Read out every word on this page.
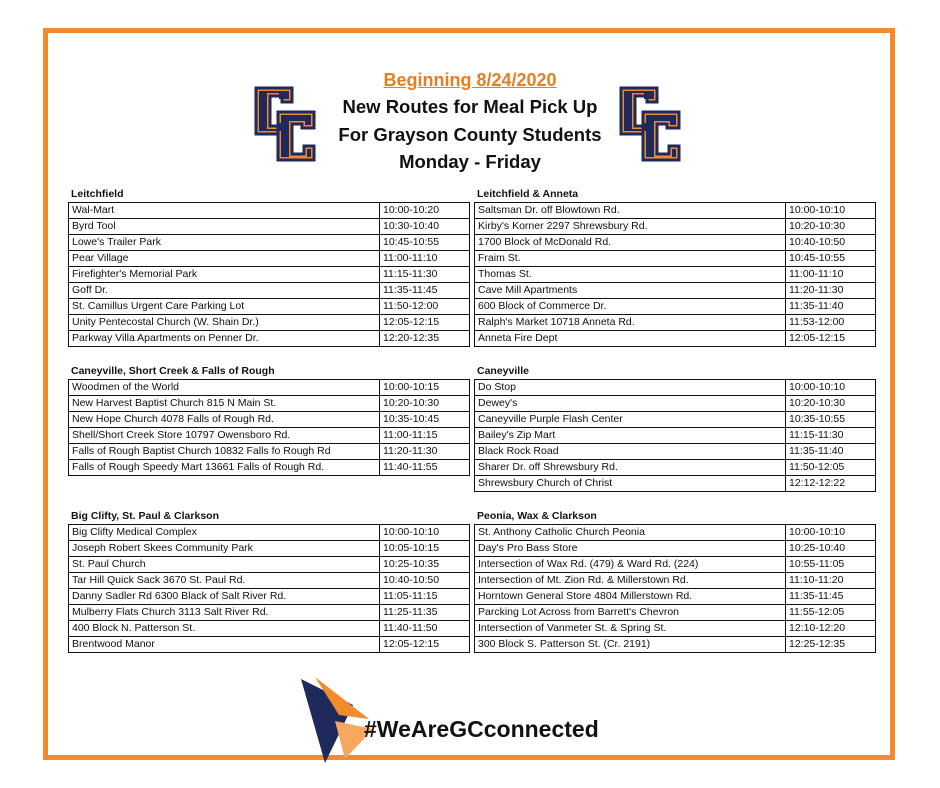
Beginning 8/24/2020
New Routes for Meal Pick Up
For Grayson County Students
Monday - Friday
Leitchfield	Leitchfield & Anneta
Caneyville, Short Creek & Falls of Rough	Caneyville
Big Clifty, St. Paul & Clarkson	Peonia, Wax & Clarkson
Wal-Mart	10:00-10:20
Byrd Tool	10:30-10:40
Lowe's Trailer Park	10:45-10:55
Pear Village	11:00-11:10
Firefighter's Memorial Park	11:15-11:30
Goff Dr.	11:35-11:45
St. Camillus Urgent Care Parking Lot	11:50-12:00
Unity Pentecostal Church (W. Shain Dr.)	12:05-12:15
Parkway Villa Apartments on Penner Dr.	12:20-12:35
Saltsman Dr. off Blowtown Rd.	10:00-10:10
Kirby's Korner 2297 Shrewsbury Rd.	10:20-10:30
1700 Block of McDonald Rd.	10:40-10:50
Fraim St.	10:45-10:55
Thomas St.	11:00-11:10
Cave Mill Apartments	11:20-11:30
600 Block of Commerce Dr.	11:35-11:40
Ralph's Market 10718 Anneta Rd.	11:53-12:00
Anneta Fire Dept	12:05-12:15
Woodmen of the World	10:00-10:15
New Harvest Baptist Church 815 N Main St.	10:20-10:30
New Hope Church 4078 Falls of Rough Rd.	10:35-10:45
Shell/Short Creek Store 10797 Owensboro Rd.	11:00-11:15
Falls of Rough Baptist Church 10832 Falls fo Rough Rd	11:20-11:30
Falls of Rough Speedy Mart 13661 Falls of Rough Rd.	11:40-11:55
Do Stop	10:00-10:10
Dewey's	10:20-10:30
Caneyville Purple Flash Center	10:35-10:55
Bailey's Zip Mart	11:15-11:30
Black Rock Road	11:35-11:40
Sharer Dr. off Shrewsbury Rd.	11:50-12:05
Shrewsbury Church of Christ	12:12-12:22
Big Clifty Medical Complex	10:00-10:10
Joseph Robert Skees Community Park	10:05-10:15
St. Paul Church	10:25-10:35
Tar Hill Quick Sack 3670 St. Paul Rd.	10:40-10:50
Danny Sadler Rd 6300 Black of Salt River Rd.	11:05-11:15
Mulberry Flats Church 3113 Salt River Rd.	11:25-11:35
400 Block N. Patterson St.	11:40-11:50
Brentwood Manor	12:05-12:15
St. Anthony Catholic Church Peonia	10:00-10:10
Day's Pro Bass Store	10:25-10:40
Intersection of Wax Rd. (479) & Ward Rd. (224)	10:55-11:05
Intersection of Mt. Zion Rd. & Millerstown Rd.	11:10-11:20
Horntown General Store 4804 Millerstown Rd.	11:35-11:45
Parcking Lot Across from Barrett's Chevron	11:55-12:05
Intersection of Vanmeter St. & Spring St.	12:10-12:20
300 Block S. Patterson St. (Cr. 2191)	12:25-12:35
#WeAreGCconnected
